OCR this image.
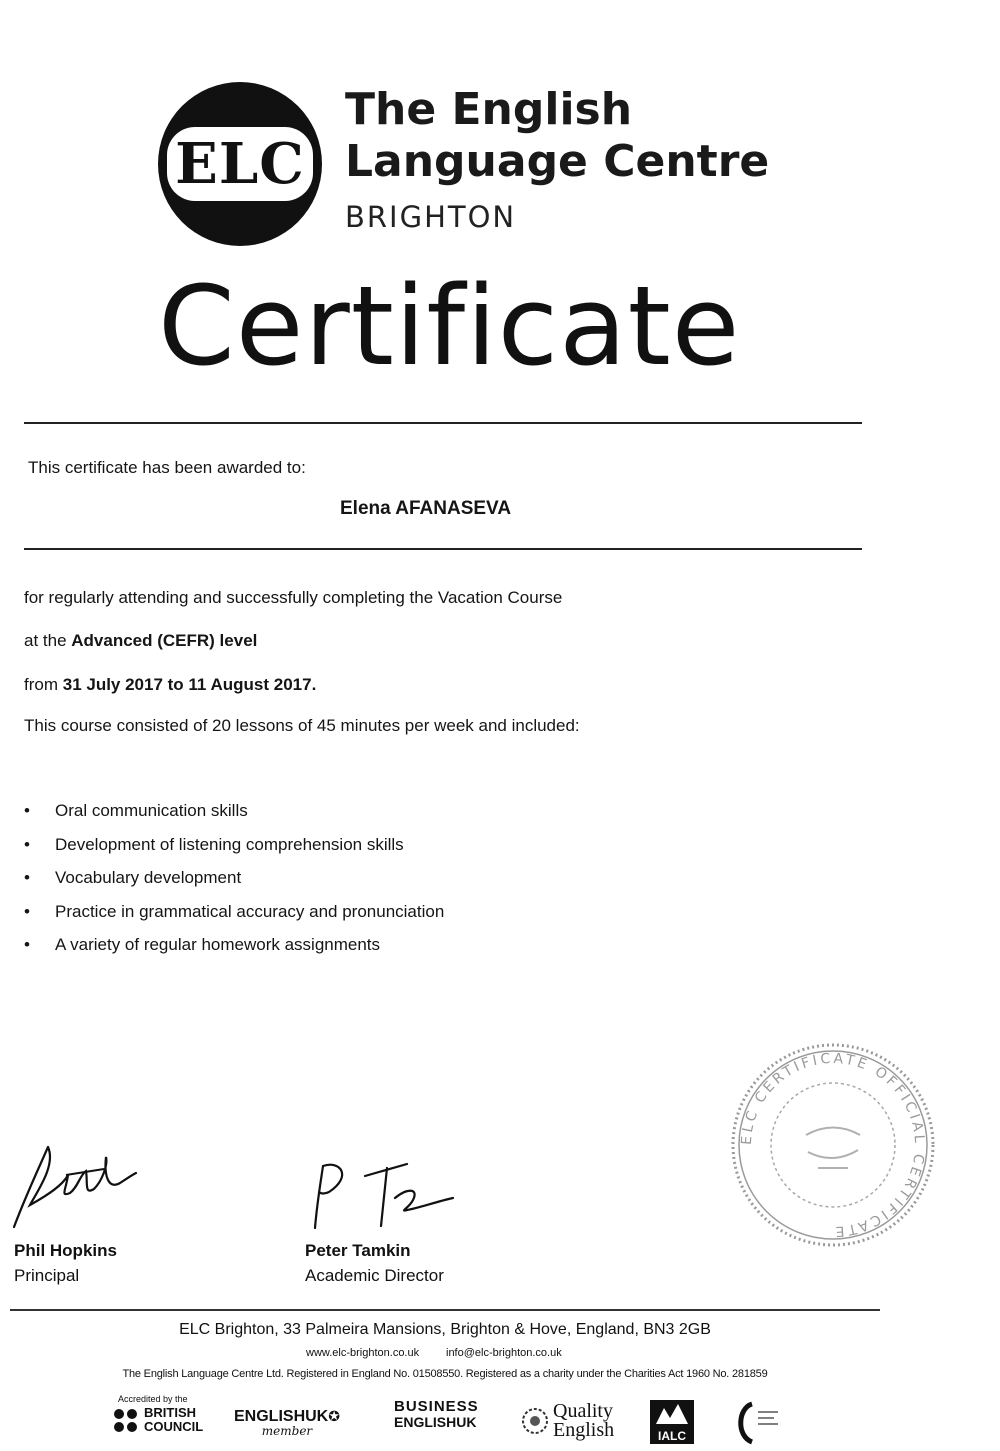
ELC
The English
Language Centre
BRIGHTON
Certificate
This certificate has been awarded to:
Elena AFANASEVA
for regularly attending and successfully completing the Vacation Course
at the Advanced (CEFR) level
from 31 July 2017 to 11 August 2017.
This course consisted of 20 lessons of 45 minutes per week and included:
• Oral communication skills
• Development of listening comprehension skills
• Vocabulary development
• Practice in grammatical accuracy and pronunciation
• A variety of regular homework assignments
ELC CERTIFICATE OFFICIAL CERTIFICATE
Phil Hopkins
Principal
Peter Tamkin
Academic Director
ELC Brighton, 33 Palmeira Mansions, Brighton & Hove, England, BN3 2GB
www.elc-brighton.co.uk info@elc-brighton.co.uk
The English Language Centre Ltd. Registered in England No. 01508550. Registered as a charity under the Charities Act 1960 No. 281859
Accredited by the
BRITISH
COUNCIL
ENGLISHUK✪
member
BUSINESS
ENGLISHUK	Quality
English	IALC
